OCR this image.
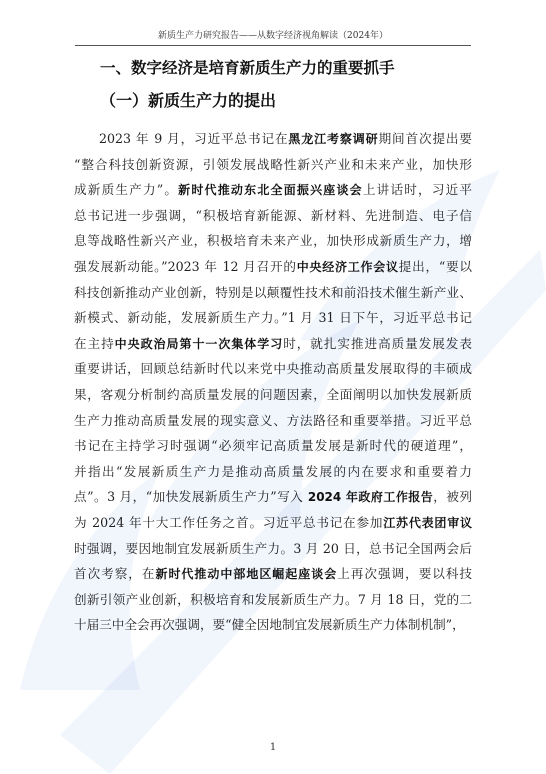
新质生产力研究报告——从数字经济视角解读（2024年）
一、数字经济是培育新质生产力的重要抓手
（一）新质生产力的提出
2023 年 9 月，习近平总书记在黑龙江考察调研期间首次提出要
“整合科技创新资源，引领发展战略性新兴产业和未来产业，加快形
成新质生产力”。新时代推动东北全面振兴座谈会上讲话时，习近平
总书记进一步强调，“积极培育新能源、新材料、先进制造、电子信
息等战略性新兴产业，积极培育未来产业，加快形成新质生产力，增
强发展新动能。”2023 年 12 月召开的中央经济工作会议提出，“要以
科技创新推动产业创新，特别是以颠覆性技术和前沿技术催生新产业、
新模式、新动能，发展新质生产力。”1 月 31 日下午，习近平总书记
在主持中央政治局第十一次集体学习时，就扎实推进高质量发展发表
重要讲话，回顾总结新时代以来党中央推动高质量发展取得的丰硕成
果，客观分析制约高质量发展的问题因素，全面阐明以加快发展新质
生产力推动高质量发展的现实意义、方法路径和重要举措。习近平总
书记在主持学习时强调“必须牢记高质量发展是新时代的硬道理”，
并指出“发展新质生产力是推动高质量发展的内在要求和重要着力
点”。3 月，“加快发展新质生产力”写入 2024 年政府工作报告，被列
为 2024 年十大工作任务之首。习近平总书记在参加江苏代表团审议
时强调，要因地制宜发展新质生产力。3 月 20 日，总书记全国两会后
首次考察，在新时代推动中部地区崛起座谈会上再次强调，要以科技
创新引领产业创新，积极培育和发展新质生产力。7 月 18 日，党的二
十届三中全会再次强调，要“健全因地制宜发展新质生产力体制机制”，
1
